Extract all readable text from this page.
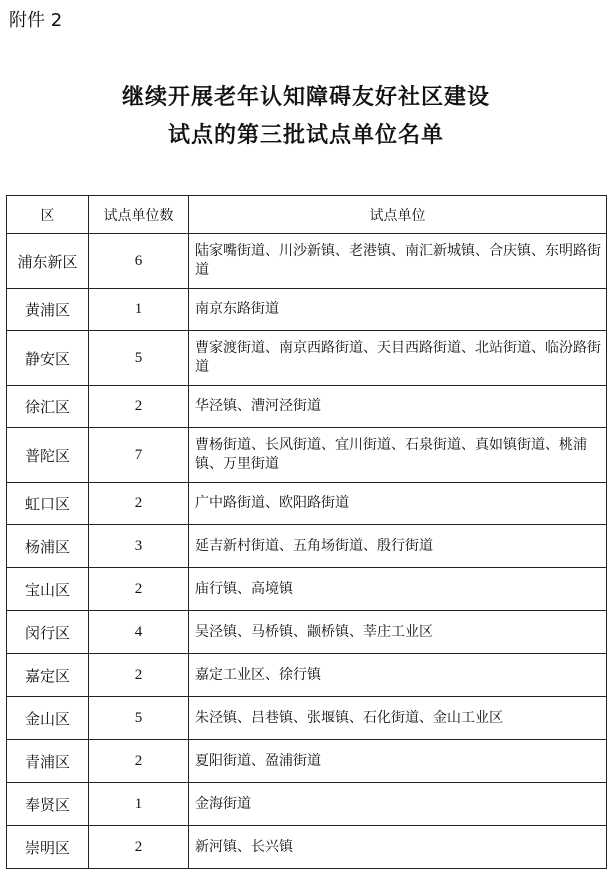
附件 2
继续开展老年认知障碍友好社区建设
试点的第三批试点单位名单
区	试点单位数	试点单位
浦东新区	6	陆家嘴街道、川沙新镇、老港镇、南汇新城镇、合庆镇、东明路街道
黄浦区	1	南京东路街道
静安区	5	曹家渡街道、南京西路街道、天目西路街道、北站街道、临汾路街道
徐汇区	2	华泾镇、漕河泾街道
普陀区	7	曹杨街道、长风街道、宜川街道、石泉街道、真如镇街道、桃浦镇、万里街道
虹口区	2	广中路街道、欧阳路街道
杨浦区	3	延吉新村街道、五角场街道、殷行街道
宝山区	2	庙行镇、高境镇
闵行区	4	吴泾镇、马桥镇、颛桥镇、莘庄工业区
嘉定区	2	嘉定工业区、徐行镇
金山区	5	朱泾镇、吕巷镇、张堰镇、石化街道、金山工业区
青浦区	2	夏阳街道、盈浦街道
奉贤区	1	金海街道
崇明区	2	新河镇、长兴镇
